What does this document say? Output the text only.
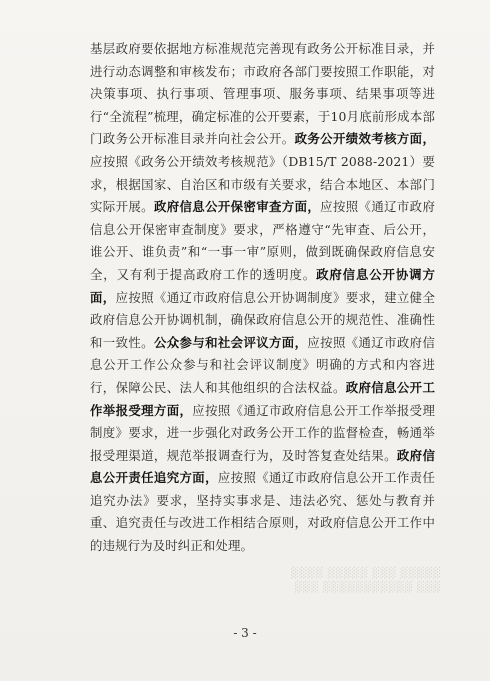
基层政府要依据地方标准规范完善现有政务公开标准目录，并进行动态调整和审核发布；市政府各部门要按照工作职能，对决策事项、执行事项、管理事项、服务事项、结果事项等进行“全流程”梳理，确定标准的公开要素，于10月底前形成本部门政务公开标准目录并向社会公开。政务公开绩效考核方面，应按照《政务公开绩效考核规范》（DB15/T 2088-2021）要求，根据国家、自治区和市级有关要求，结合本地区、本部门实际开展。政府信息公开保密审查方面，应按照《通辽市政府信息公开保密审查制度》要求，严格遵守“先审查、后公开，谁公开、谁负责”和“一事一审”原则，做到既确保政府信息安全，又有利于提高政府工作的透明度。政府信息公开协调方面，应按照《通辽市政府信息公开协调制度》要求，建立健全政府信息公开协调机制，确保政府信息公开的规范性、准确性和一致性。公众参与和社会评议方面，应按照《通辽市政府信息公开工作公众参与和社会评议制度》明确的方式和内容进行，保障公民、法人和其他组织的合法权益。政府信息公开工作举报受理方面，应按照《通辽市政府信息公开工作举报受理制度》要求，进一步强化对政务公开工作的监督检查，畅通举报受理渠道，规范举报调查行为，及时答复查处结果。政府信息公开责任追究方面，应按照《通辽市政府信息公开工作责任追究办法》要求，坚持实事求是、违法必究、惩处与教育并重、追究责任与改进工作相结合原则，对政府信息公开工作中的违规行为及时纠正和处理。

░░░░░ ░░░ ░░░░░ ░░░░
░░░ ░░░░░░░░░░░ ░░░
- 3 -
